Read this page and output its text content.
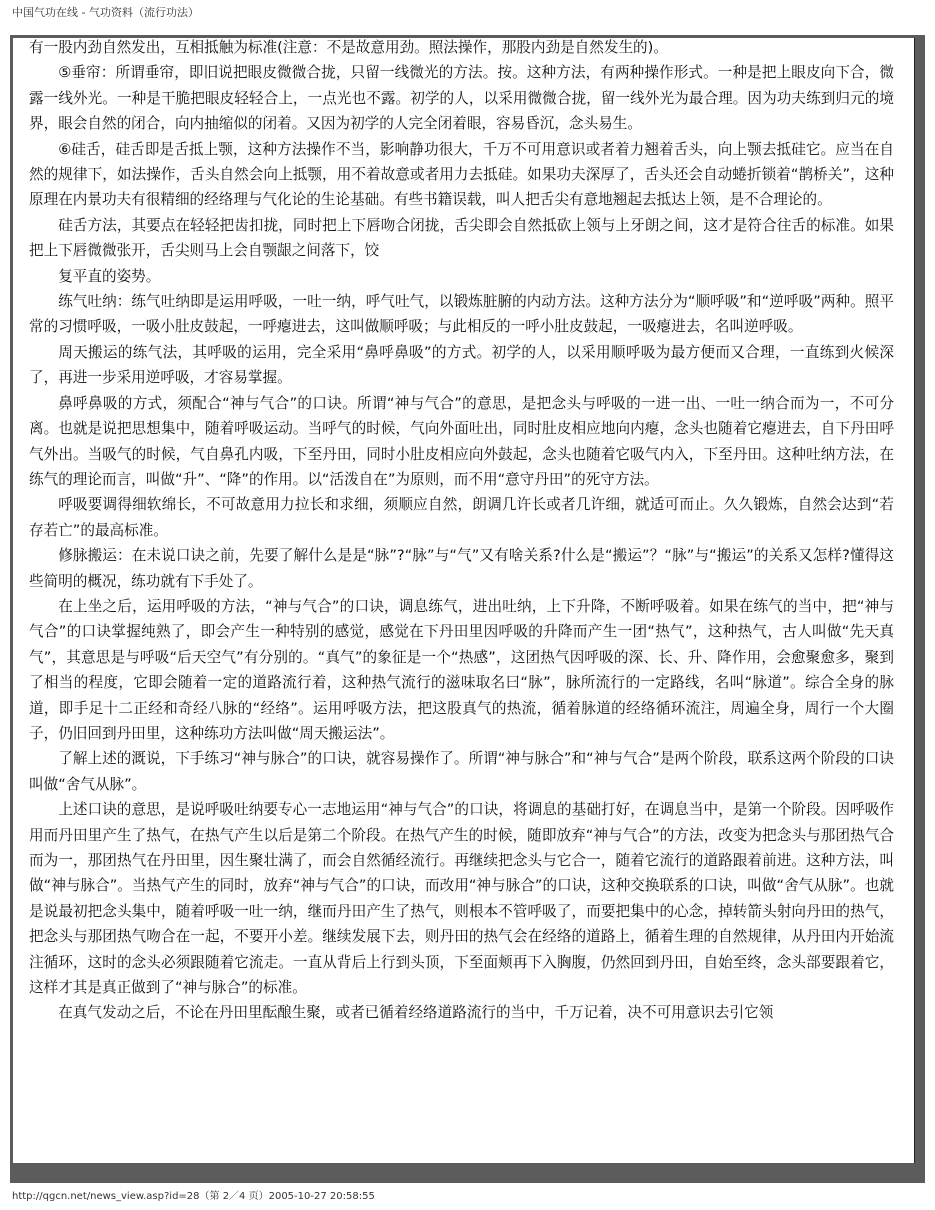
中国气功在线 - 气功资料（流行功法）

有一股内劲自然发出，互相抵触为标准(注意：不是故意用劲。照法操作，那股内劲是自然发生的)。

⑤垂帘：所谓垂帘，即旧说把眼皮微微合拢，只留一线微光的方法。按。这种方法，有两种操作形式。一种是把上眼皮向下合，微露一线外光。一种是干脆把眼皮轻轻合上，一点光也不露。初学的人，以采用微微合拢，留一线外光为最合理。因为功夫练到归元的境界，眼会自然的闭合，向内抽缩似的闭着。又因为初学的人完全闭着眼，容易昏沉，念头易生。

⑥硅舌，硅舌即是舌抵上颚，这种方法操作不当，影响静功很大，千万不可用意识或者着力翘着舌头，向上颚去抵硅它。应当在自然的规律下，如法操作，舌头自然会向上抵颚，用不着故意或者用力去抵硅。如果功夫深厚了，舌头还会自动蜷折锁着“鹊桥关”，这种原理在内景功夫有很精细的经络理与气化论的生论基础。有些书籍误载，叫人把舌尖有意地翘起去抵达上领，是不合理论的。

硅舌方法，其要点在轻轻把齿扣拢，同时把上下唇吻合闭拢，舌尖即会自然抵砍上领与上牙朗之间，这才是符合往舌的标准。如果把上下唇微微张开，舌尖则马上会自颚龈之间落下，饺

复平直的姿势。

练气吐纳：练气吐纳即是运用呼吸，一吐一纳，呼气吐气，以锻炼脏腑的内动方法。这种方法分为“顺呼吸”和“逆呼吸”两种。照平常的习惯呼吸，一吸小肚皮鼓起，一呼瘪进去，这叫做顺呼吸；与此相反的一呼小肚皮鼓起，一吸瘪进去，名叫逆呼吸。

周天搬运的练气法，其呼吸的运用，完全采用“鼻呼鼻吸”的方式。初学的人，以采用顺呼吸为最方便而又合理，一直练到火候深了，再进一步采用逆呼吸，才容易掌握。

鼻呼鼻吸的方式，须配合“神与气合”的口诀。所谓“神与气合”的意思，是把念头与呼吸的一进一出、一吐一纳合而为一，不可分离。也就是说把思想集中，随着呼吸运动。当呼气的时候，气向外面吐出，同时肚皮相应地向内瘪，念头也随着它瘪进去，自下丹田呼气外出。当吸气的时候，气自鼻孔内吸，下至丹田，同时小肚皮相应向外鼓起，念头也随着它吸气内入，下至丹田。这种吐纳方法，在练气的理论而言，叫做“升”、“降”的作用。以“活泼自在”为原则，而不用“意守丹田”的死守方法。

呼吸要调得细软绵长，不可故意用力拉长和求细，须顺应自然，朗调几许长或者几许细，就适可而止。久久锻炼，自然会达到“若存若亡”的最高标准。

修脉搬运：在未说口诀之前，先要了解什么是是“脉”?“脉”与“气”又有啥关系?什么是“搬运”？“脉”与“搬运”的关系又怎样?懂得这些简明的概况，练功就有下手处了。

在上坐之后，运用呼吸的方法，“神与气合”的口诀，调息练气，进出吐纳，上下升降，不断呼吸着。如果在练气的当中，把“神与气合”的口诀掌握纯熟了，即会产生一种特别的感觉，感觉在下丹田里因呼吸的升降而产生一团“热气”，这种热气，古人叫做“先天真气”，其意思是与呼吸“后天空气”有分别的。“真气”的象征是一个“热感”，这团热气因呼吸的深、长、升、降作用，会愈聚愈多，聚到了相当的程度，它即会随着一定的道路流行着，这种热气流行的滋味取名曰“脉”，脉所流行的一定路线，名叫“脉道”。综合全身的脉道，即手足十二正经和奇经八脉的“经络”。运用呼吸方法，把这股真气的热流，循着脉道的经络循环流注，周遍全身，周行一个大圈子，仍旧回到丹田里，这种练功方法叫做“周天搬运法”。

了解上述的溉说，下手练习“神与脉合”的口诀，就容易操作了。所谓“神与脉合”和“神与气合”是两个阶段，联系这两个阶段的口诀叫做“舍气从脉”。

上述口诀的意思，是说呼吸吐纳要专心一志地运用“神与气合”的口诀，将调息的基础打好，在调息当中，是第一个阶段。因呼吸作用而丹田里产生了热气，在热气产生以后是第二个阶段。在热气产生的时候，随即放弃“神与气合”的方法，改变为把念头与那团热气合而为一，那团热气在丹田里，因生聚壮满了，而会自然循经流行。再继续把念头与它合一，随着它流行的道路跟着前进。这种方法，叫做“神与脉合”。当热气产生的同时，放弃“神与气合”的口诀，而改用“神与脉合”的口诀，这种交换联系的口诀，叫做“舍气从脉”。也就是说最初把念头集中，随着呼吸一吐一纳，继而丹田产生了热气，则根本不管呼吸了，而要把集中的心念，掉转箭头射向丹田的热气，把念头与那团热气吻合在一起，不要开小差。继续发展下去，则丹田的热气会在经络的道路上，循着生理的自然规律，从丹田内开始流注循环，这时的念头必须跟随着它流走。一直从背后上行到头顶，下至面颊再下入胸腹，仍然回到丹田，自始至终，念头部要跟着它，这样才其是真正做到了“神与脉合”的标准。

在真气发动之后，不论在丹田里酝酿生聚，或者已循着经络道路流行的当中，千万记着，决不可用意识去引它领

http://qgcn.net/news_view.asp?id=28（第 2／4 页）2005-10-27 20:58:55
